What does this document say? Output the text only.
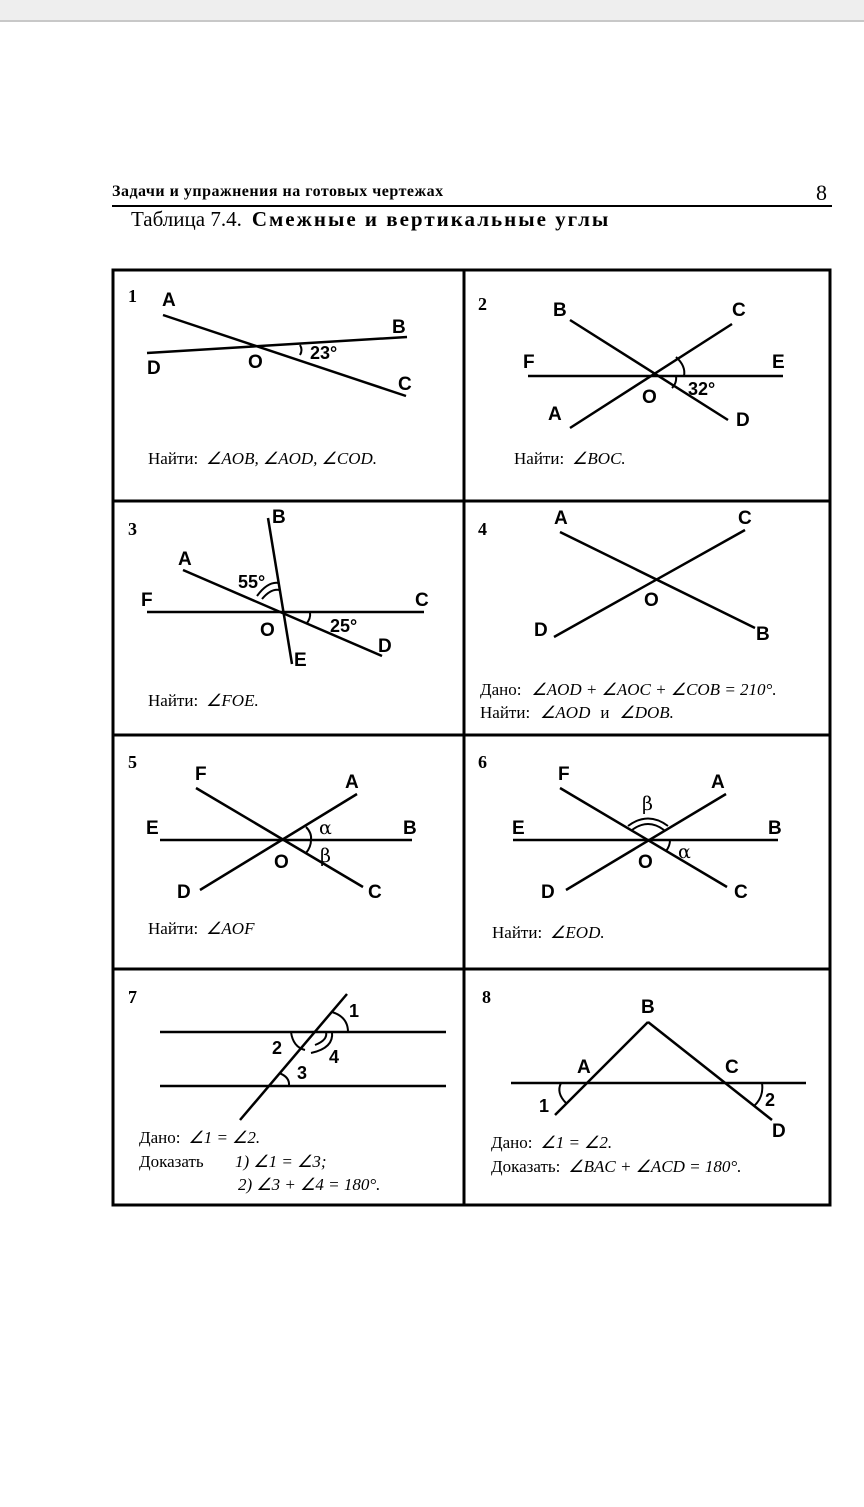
Задачи и упражнения на готовых чертежах	8
Таблица 7.4. Смежные и вертикальные углы
1 A
B
D	O
C
23°
Найти: ∠AOB, ∠AOD, ∠COD.
2	B	C
F	E
A
O
D
32°
Найти: ∠BOC.
3
B
A
F	C
O
D
E
55°
25°
Найти: ∠FOE.
4	A	C
O
D	B
Дано: ∠AOD + ∠AOC + ∠COB = 210°.
Найти: ∠AOD и ∠DOB.
5
F	A
E	B
O
D	C
α
β
Найти: ∠AOF
6
F	A
E	B
O
D	C
β
α
Найти: ∠EOD.
7
1
2
3
4
Дано: ∠1 = ∠2.
Доказать 1) ∠1 = ∠3;
2) ∠3 + ∠4 = 180°.
8	B
A	C
D
1	2
Дано: ∠1 = ∠2.
Доказать: ∠BAC + ∠ACD = 180°.
